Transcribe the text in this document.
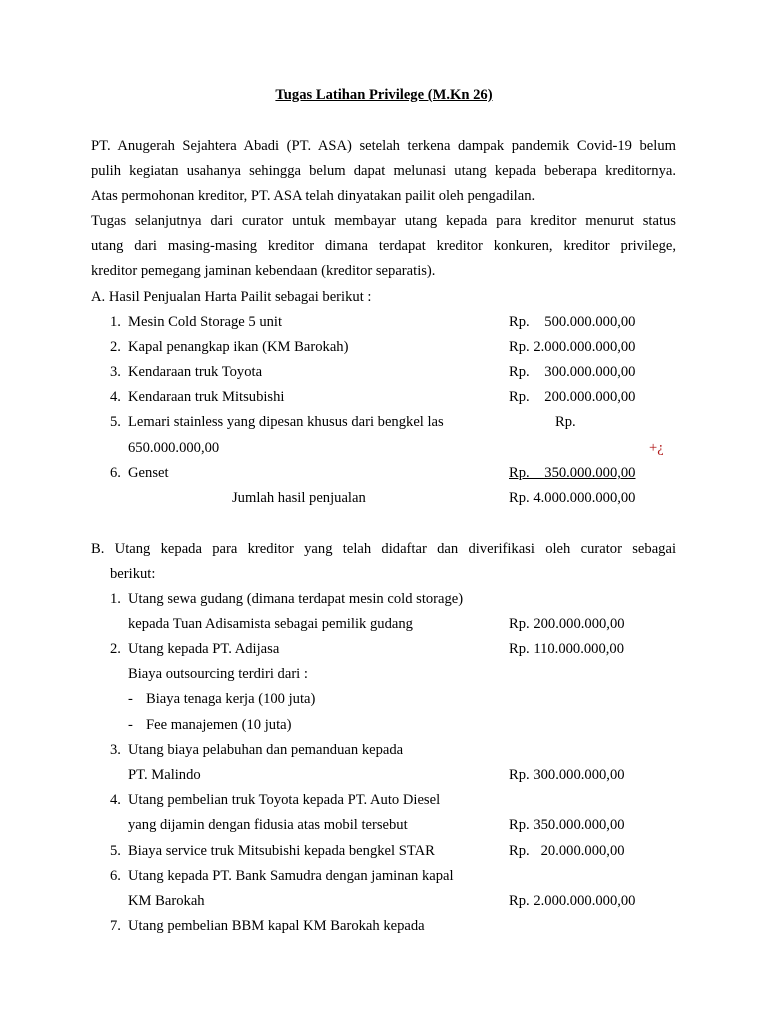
Tugas Latihan Privilege (M.Kn 26)
PT. Anugerah Sejahtera Abadi (PT. ASA) setelah terkena dampak pandemik Covid-19 belum
pulih kegiatan usahanya sehingga belum dapat melunasi utang kepada beberapa kreditornya.
Atas permohonan kreditor, PT. ASA telah dinyatakan pailit oleh pengadilan.
Tugas selanjutnya dari curator untuk membayar utang kepada para kreditor menurut status
utang dari masing-masing kreditor dimana terdapat kreditor konkuren, kreditor privilege,
kreditor pemegang jaminan kebendaan (kreditor separatis).
A. Hasil Penjualan Harta Pailit sebagai berikut :
1. Mesin Cold Storage 5 unit	Rp.    500.000.000,00
2. Kapal penangkap ikan (KM Barokah)	Rp. 2.000.000.000,00
3. Kendaraan truk Toyota	Rp.    300.000.000,00
4. Kendaraan truk Mitsubishi	Rp.    200.000.000,00
5. Lemari stainless yang dipesan khusus dari bengkel las	Rp.
650.000.000,00	+¿
6. Genset	Rp.    350.000.000,00
Jumlah hasil penjualan	Rp. 4.000.000.000,00
B. Utang kepada para kreditor yang telah didaftar dan diverifikasi oleh curator sebagai
berikut:
1. Utang sewa gudang (dimana terdapat mesin cold storage)
kepada Tuan Adisamista sebagai pemilik gudang	Rp. 200.000.000,00
2. Utang kepada PT. Adijasa	Rp. 110.000.000,00
Biaya outsourcing terdiri dari :
- Biaya tenaga kerja (100 juta)
- Fee manajemen (10 juta)
3. Utang biaya pelabuhan dan pemanduan kepada
PT. Malindo	Rp. 300.000.000,00
4. Utang pembelian truk Toyota kepada PT. Auto Diesel
yang dijamin dengan fidusia atas mobil tersebut	Rp. 350.000.000,00
5. Biaya service truk Mitsubishi kepada bengkel STAR	Rp.   20.000.000,00
6. Utang kepada PT. Bank Samudra dengan jaminan kapal
KM Barokah	Rp. 2.000.000.000,00
7. Utang pembelian BBM kapal KM Barokah kepada
